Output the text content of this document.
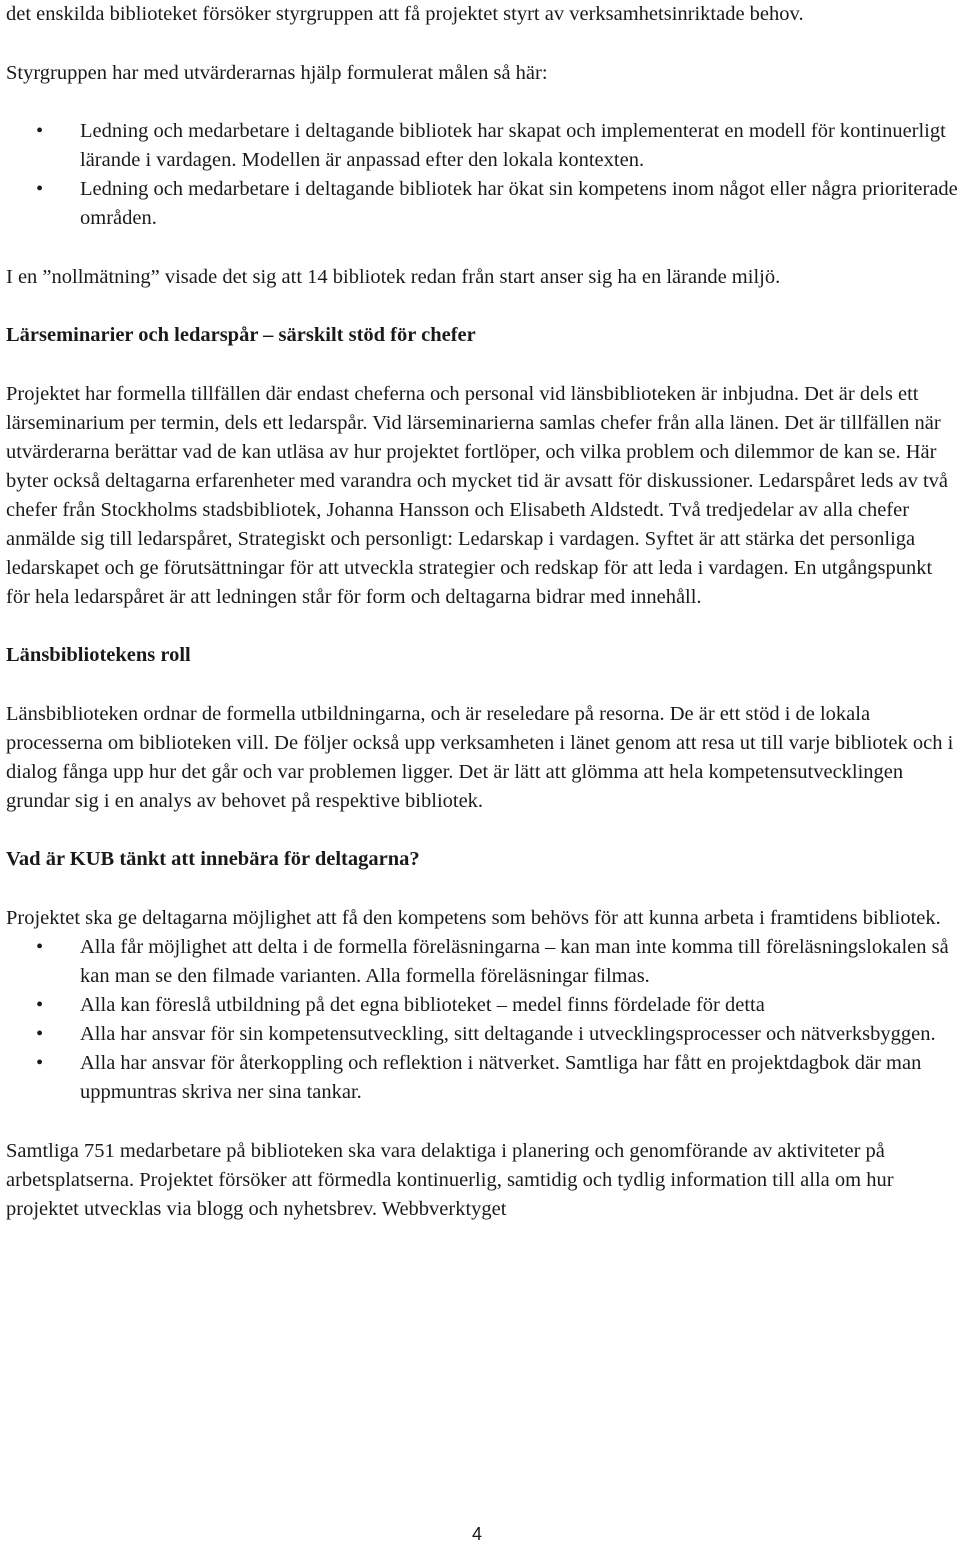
det enskilda biblioteket försöker styrgruppen att få projektet styrt av verksamhetsinriktade behov.

Styrgruppen har med utvärderarnas hjälp formulerat målen så här:

• Ledning och medarbetare i deltagande bibliotek har skapat och implementerat en modell för kontinuerligt lärande i vardagen. Modellen är anpassad efter den lokala kontexten.
• Ledning och medarbetare i deltagande bibliotek har ökat sin kompetens inom något eller några prioriterade områden.

I en ”nollmätning” visade det sig att 14 bibliotek redan från start anser sig ha en lärande miljö.

Lärseminarier och ledarspår – särskilt stöd för chefer

Projektet har formella tillfällen där endast cheferna och personal vid länsbiblioteken är inbjudna. Det är dels ett lärseminarium per termin, dels ett ledarspår. Vid lärseminarierna samlas chefer från alla länen. Det är tillfällen när utvärderarna berättar vad de kan utläsa av hur projektet fortlöper, och vilka problem och dilemmor de kan se. Här byter också deltagarna erfarenheter med varandra och mycket tid är avsatt för diskussioner. Ledarspåret leds av två chefer från Stockholms stadsbibliotek, Johanna Hansson och Elisabeth Aldstedt. Två tredjedelar av alla chefer anmälde sig till ledarspåret, Strategiskt och personligt: Ledarskap i vardagen. Syftet är att stärka det personliga ledarskapet och ge förutsättningar för att utveckla strategier och redskap för att leda i vardagen. En utgångspunkt för hela ledarspåret är att ledningen står för form och deltagarna bidrar med innehåll.

Länsbibliotekens roll

Länsbiblioteken ordnar de formella utbildningarna, och är reseledare på resorna. De är ett stöd i de lokala processerna om biblioteken vill. De följer också upp verksamheten i länet genom att resa ut till varje bibliotek och i dialog fånga upp hur det går och var problemen ligger. Det är lätt att glömma att hela kompetensutvecklingen grundar sig i en analys av behovet på respektive bibliotek.

Vad är KUB tänkt att innebära för deltagarna?

Projektet ska ge deltagarna möjlighet att få den kompetens som behövs för att kunna arbeta i framtidens bibliotek.

• Alla får möjlighet att delta i de formella föreläsningarna – kan man inte komma till föreläsningslokalen så kan man se den filmade varianten. Alla formella föreläsningar filmas.
• Alla kan föreslå utbildning på det egna biblioteket – medel finns fördelade för detta
• Alla har ansvar för sin kompetensutveckling, sitt deltagande i utvecklingsprocesser och nätverksbyggen.
• Alla har ansvar för återkoppling och reflektion i nätverket. Samtliga har fått en projektdagbok där man uppmuntras skriva ner sina tankar.

Samtliga 751 medarbetare på biblioteken ska vara delaktiga i planering och genomförande av aktiviteter på arbetsplatserna. Projektet försöker att förmedla kontinuerlig, samtidig och tydlig information till alla om hur projektet utvecklas via blogg och nyhetsbrev. Webbverktyget

4
